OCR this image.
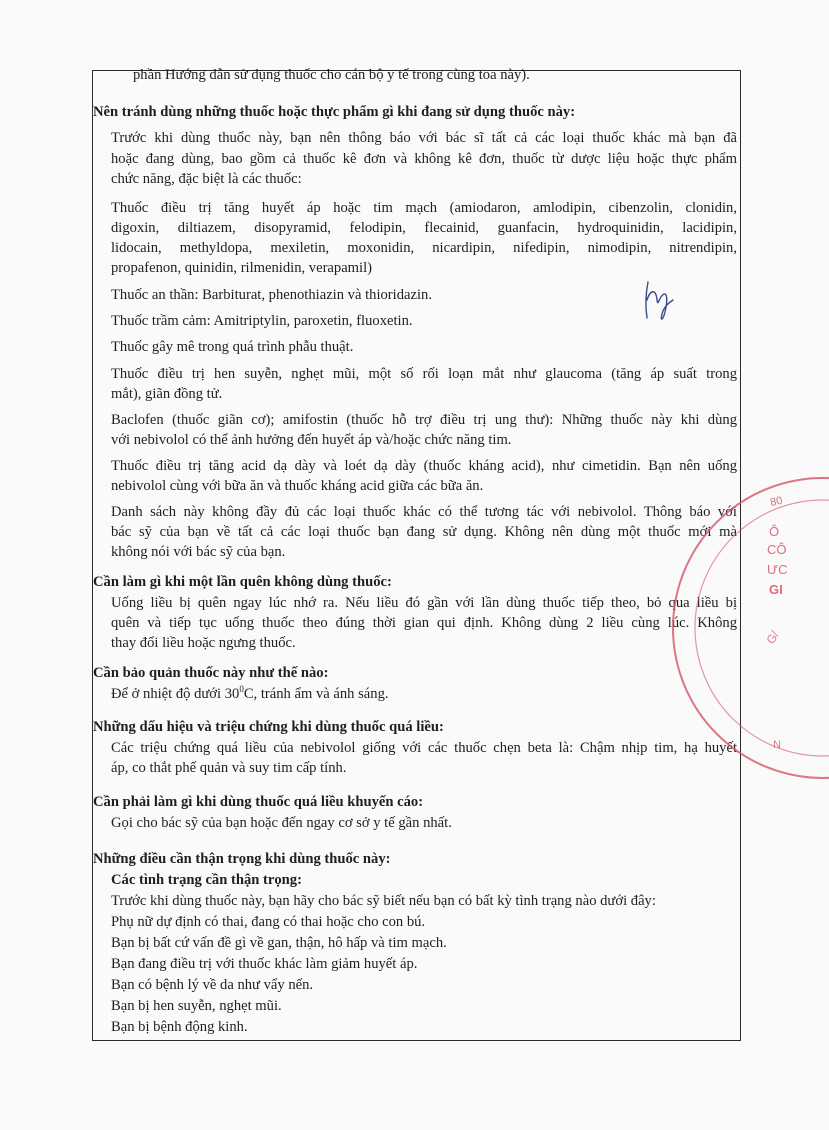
phần Hướng dẫn sử dụng thuốc cho cán bộ y tế trong cùng toa này).
Nên tránh dùng những thuốc hoặc thực phẩm gì khi đang sử dụng thuốc này:
Trước khi dùng thuốc này, bạn nên thông báo với bác sĩ tất cả các loại thuốc khác mà bạn đã
hoặc đang dùng, bao gồm cả thuốc kê đơn và không kê đơn, thuốc từ dược liệu hoặc thực phẩm
chức năng, đặc biệt là các thuốc:
Thuốc điều trị tăng huyết áp hoặc tim mạch (amiodaron, amlodipin, cibenzolin, clonidin,
digoxin, diltiazem, disopyramid, felodipin, flecainid, guanfacin, hydroquinidin, lacidipin,
lidocain, methyldopa, mexiletin, moxonidin, nicardipin, nifedipin, nimodipin, nitrendipin,
propafenon, quinidin, rilmenidin, verapamil)
Thuốc an thần: Barbiturat, phenothiazin và thioridazin.
Thuốc trầm cảm: Amitriptylin, paroxetin, fluoxetin.
Thuốc gây mê trong quá trình phẫu thuật.
Thuốc điều trị hen suyễn, nghẹt mũi, một số rối loạn mắt như glaucoma (tăng áp suất trong
mắt), giãn đồng tử.
Baclofen (thuốc giãn cơ); amifostin (thuốc hỗ trợ điều trị ung thư): Những thuốc này khi dùng
với nebivolol có thể ảnh hưởng đến huyết áp và/hoặc chức năng tim.
Thuốc điều trị tăng acid dạ dày và loét dạ dày (thuốc kháng acid), như cimetidin. Bạn nên uống
nebivolol cùng với bữa ăn và thuốc kháng acid giữa các bữa ăn.
Danh sách này không đầy đủ các loại thuốc khác có thể tương tác với nebivolol. Thông báo với
bác sỹ của bạn về tất cả các loại thuốc bạn đang sử dụng. Không nên dùng một thuốc mới mà
không nói với bác sỹ của bạn.
Cần làm gì khi một lần quên không dùng thuốc:
Uống liều bị quên ngay lúc nhớ ra. Nếu liều đó gần với lần dùng thuốc tiếp theo, bỏ qua liều bị
quên và tiếp tục uống thuốc theo đúng thời gian qui định. Không dùng 2 liều cùng lúc. Không
thay đổi liều hoặc ngưng thuốc.
Cần bảo quản thuốc này như thế nào:
Để ở nhiệt độ dưới $30^0C$, tránh ẩm và ánh sáng.
Những dấu hiệu và triệu chứng khi dùng thuốc quá liều:
Các triệu chứng quá liều của nebivolol giống với các thuốc chẹn beta là: Chậm nhịp tim, hạ huyết
áp, co thắt phế quản và suy tim cấp tính.
Cần phải làm gì khi dùng thuốc quá liều khuyến cáo:
Gọi cho bác sỹ của bạn hoặc đến ngay cơ sở y tế gần nhất.
Những điều cần thận trọng khi dùng thuốc này:
Các tình trạng cần thận trọng:
Trước khi dùng thuốc này, bạn hãy cho bác sỹ biết nếu bạn có bất kỳ tình trạng nào dưới đây:
Phụ nữ dự định có thai, đang có thai hoặc cho con bú.
Bạn bị bất cứ vấn đề gì về gan, thận, hô hấp và tim mạch.
Bạn đang điều trị với thuốc khác làm giảm huyết áp.
Bạn có bệnh lý về da như vẩy nến.
Bạn bị hen suyễn, nghẹt mũi.
Bạn bị bệnh động kinh.
80
Ô
CÔ
ƯC
GI
G/
N
